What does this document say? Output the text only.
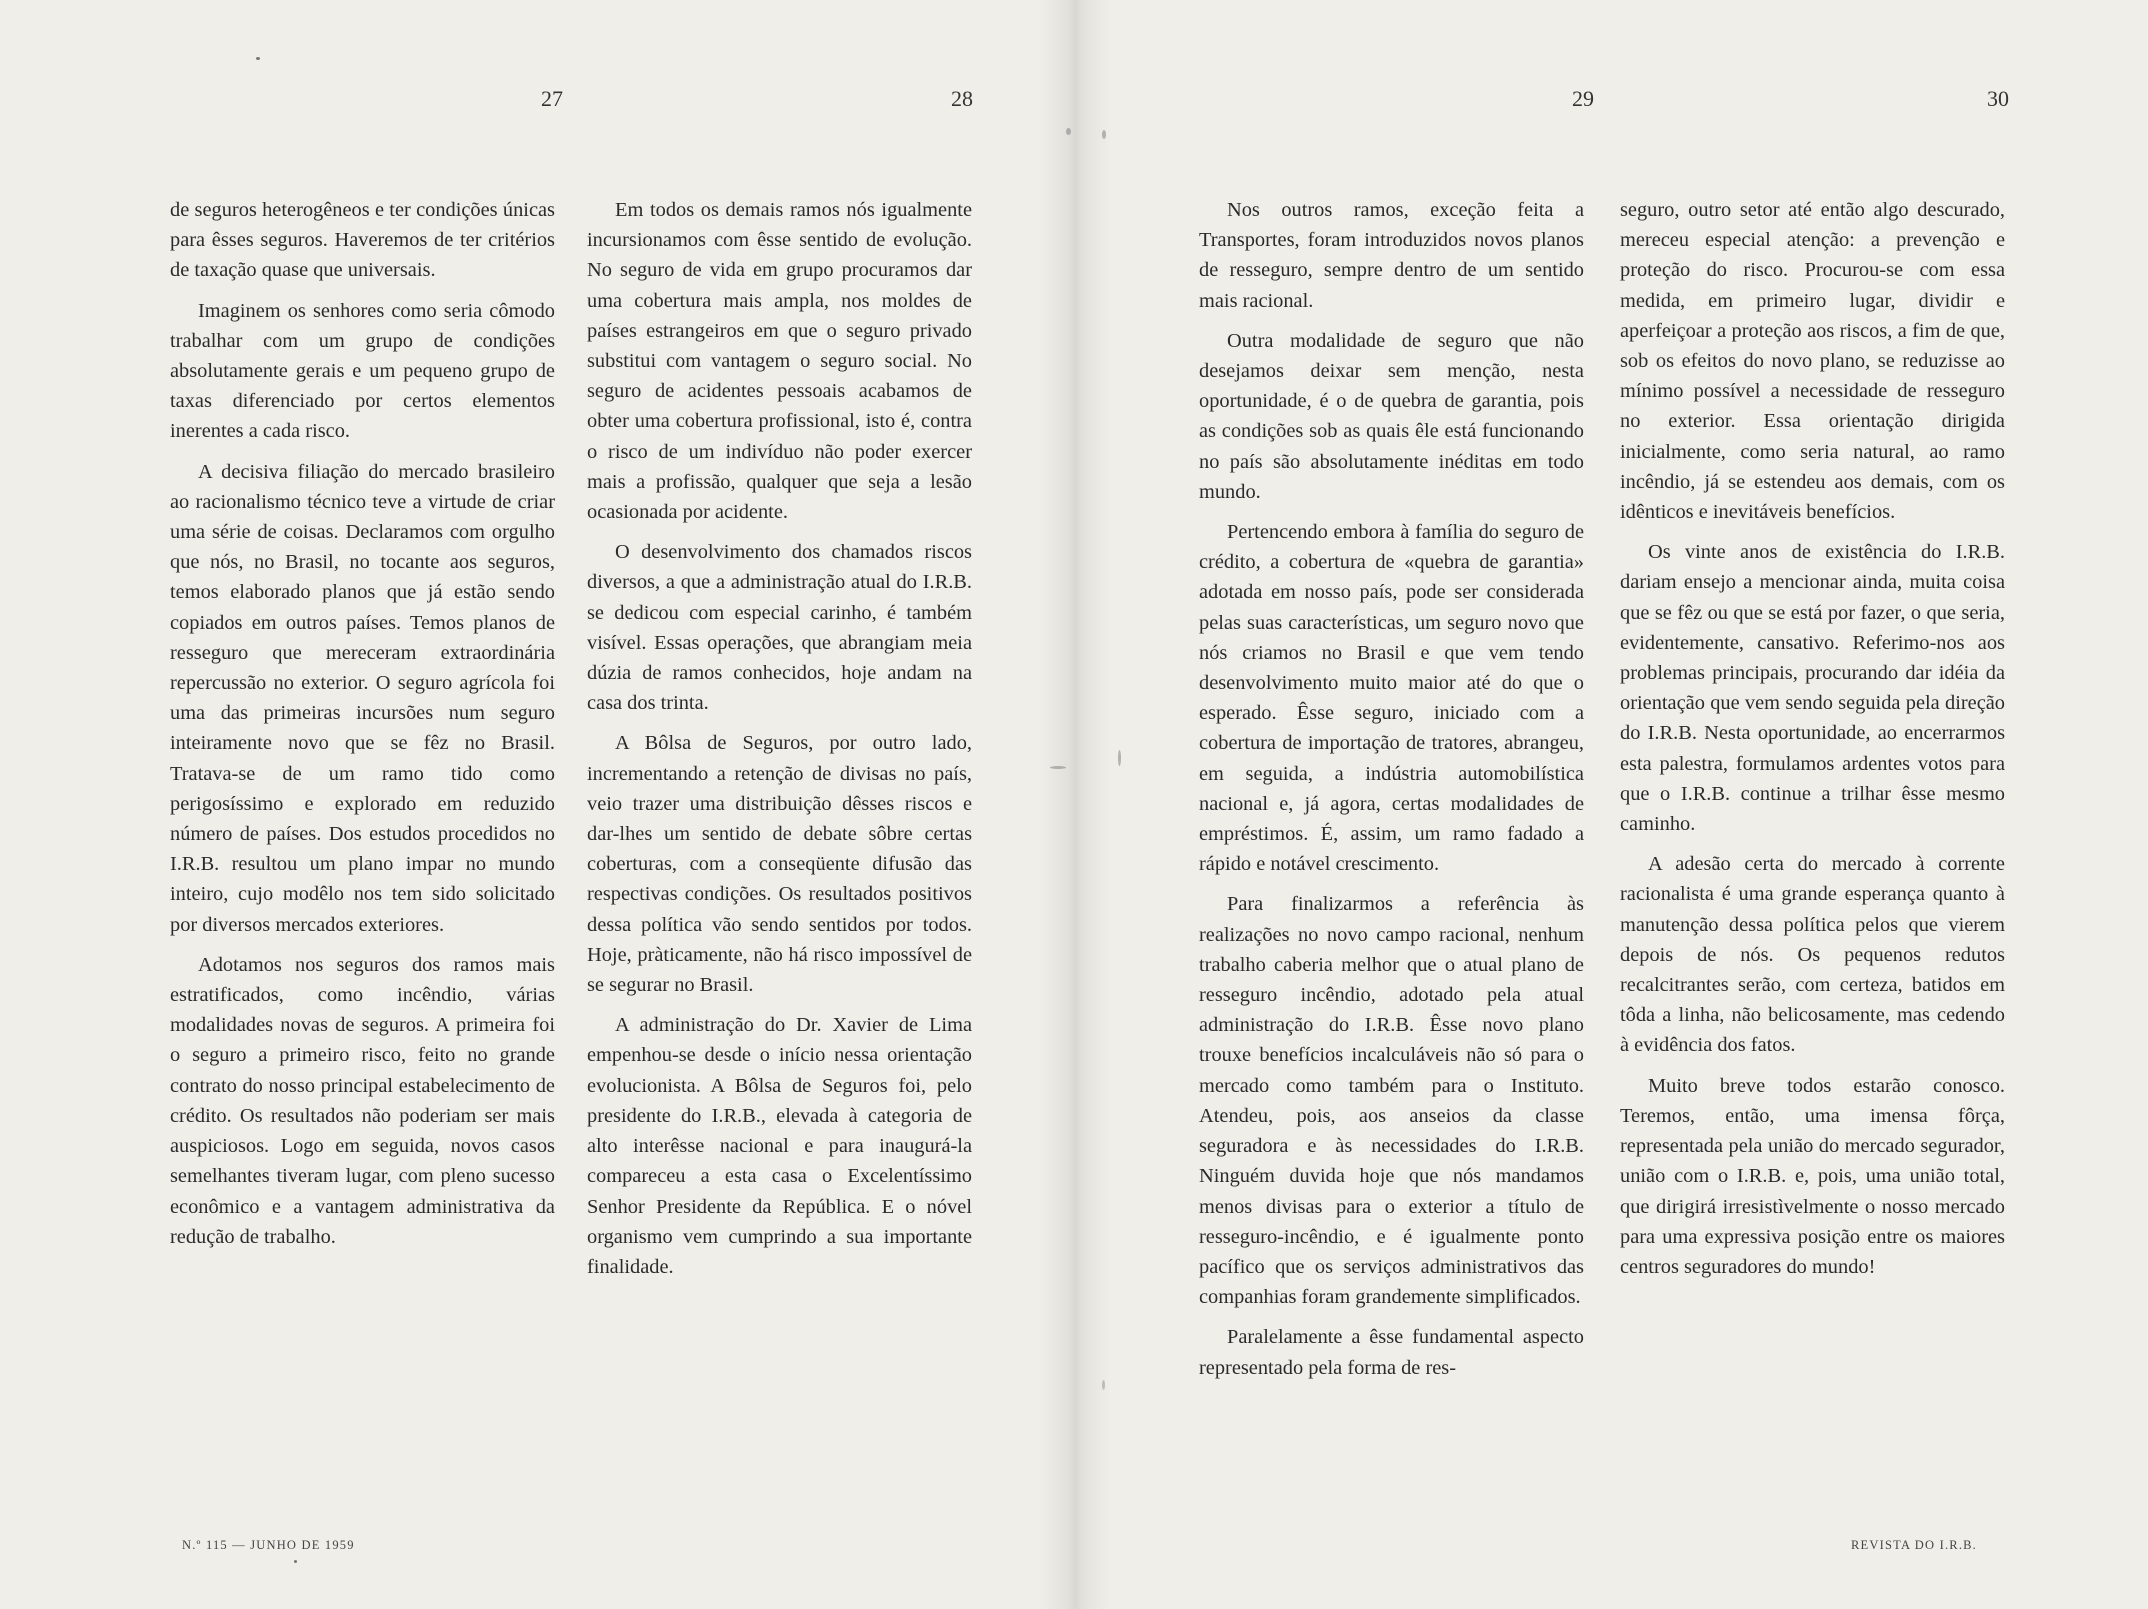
27	28	29	30

de seguros heterogêneos e ter condições únicas para êsses seguros. Haveremos de ter critérios de taxação quase que universais.

Imaginem os senhores como seria cômodo trabalhar com um grupo de condições absolutamente gerais e um pequeno grupo de taxas diferenciado por certos elementos inerentes a cada risco.

A decisiva filiação do mercado brasileiro ao racionalismo técnico teve a virtude de criar uma série de coisas. Declaramos com orgulho que nós, no Brasil, no tocante aos seguros, temos elaborado planos que já estão sendo copiados em outros países. Temos planos de resseguro que mereceram extraordinária repercussão no exterior. O seguro agrícola foi uma das primeiras incursões num seguro inteiramente novo que se fêz no Brasil. Tratava-se de um ramo tido como perigosíssimo e explorado em reduzido número de países. Dos estudos procedidos no I.R.B. resultou um plano impar no mundo inteiro, cujo modêlo nos tem sido solicitado por diversos mercados exteriores.

Adotamos nos seguros dos ramos mais estratificados, como incêndio, várias modalidades novas de seguros. A primeira foi o seguro a primeiro risco, feito no grande contrato do nosso principal estabelecimento de crédito. Os resultados não poderiam ser mais auspiciosos. Logo em seguida, novos casos semelhantes tiveram lugar, com pleno sucesso econômico e a vantagem administrativa da redução de trabalho.

Em todos os demais ramos nós igualmente incursionamos com êsse sentido de evolução. No seguro de vida em grupo procuramos dar uma cobertura mais ampla, nos moldes de países estrangeiros em que o seguro privado substitui com vantagem o seguro social. No seguro de acidentes pessoais acabamos de obter uma cobertura profissional, isto é, contra o risco de um indivíduo não poder exercer mais a profissão, qualquer que seja a lesão ocasionada por acidente.

O desenvolvimento dos chamados riscos diversos, a que a administração atual do I.R.B. se dedicou com especial carinho, é também visível. Essas operações, que abrangiam meia dúzia de ramos conhecidos, hoje andam na casa dos trinta.

A Bôlsa de Seguros, por outro lado, incrementando a retenção de divisas no país, veio trazer uma distribuição dêsses riscos e dar-lhes um sentido de debate sôbre certas coberturas, com a conseqüente difusão das respectivas condições. Os resultados positivos dessa política vão sendo sentidos por todos. Hoje, pràticamente, não há risco impossível de se segurar no Brasil.

A administração do Dr. Xavier de Lima empenhou-se desde o início nessa orientação evolucionista. A Bôlsa de Seguros foi, pelo presidente do I.R.B., elevada à categoria de alto interêsse nacional e para inaugurá-la compareceu a esta casa o Excelentíssimo Senhor Presidente da República. E o nóvel organismo vem cumprindo a sua importante finalidade.

Nos outros ramos, exceção feita a Transportes, foram introduzidos novos planos de resseguro, sempre dentro de um sentido mais racional.

Outra modalidade de seguro que não desejamos deixar sem menção, nesta oportunidade, é o de quebra de garantia, pois as condições sob as quais êle está funcionando no país são absolutamente inéditas em todo mundo.

Pertencendo embora à família do seguro de crédito, a cobertura de «quebra de garantia» adotada em nosso país, pode ser considerada pelas suas características, um seguro novo que nós criamos no Brasil e que vem tendo desenvolvimento muito maior até do que o esperado. Êsse seguro, iniciado com a cobertura de importação de tratores, abrangeu, em seguida, a indústria automobilística nacional e, já agora, certas modalidades de empréstimos. É, assim, um ramo fadado a rápido e notável crescimento.

Para finalizarmos a referência às realizações no novo campo racional, nenhum trabalho caberia melhor que o atual plano de resseguro incêndio, adotado pela atual administração do I.R.B. Êsse novo plano trouxe benefícios incalculáveis não só para o mercado como também para o Instituto. Atendeu, pois, aos anseios da classe seguradora e às necessidades do I.R.B. Ninguém duvida hoje que nós mandamos menos divisas para o exterior a título de resseguro-incêndio, e é igualmente ponto pacífico que os serviços administrativos das companhias foram grandemente simplificados.

Paralelamente a êsse fundamental aspecto representado pela forma de res-

seguro, outro setor até então algo descurado, mereceu especial atenção: a prevenção e proteção do risco. Procurou-se com essa medida, em primeiro lugar, dividir e aperfeiçoar a proteção aos riscos, a fim de que, sob os efeitos do novo plano, se reduzisse ao mínimo possível a necessidade de resseguro no exterior. Essa orientação dirigida inicialmente, como seria natural, ao ramo incêndio, já se estendeu aos demais, com os idênticos e inevitáveis benefícios.

Os vinte anos de existência do I.R.B. dariam ensejo a mencionar ainda, muita coisa que se fêz ou que se está por fazer, o que seria, evidentemente, cansativo. Referimo-nos aos problemas principais, procurando dar idéia da orientação que vem sendo seguida pela direção do I.R.B. Nesta oportunidade, ao encerrarmos esta palestra, formulamos ardentes votos para que o I.R.B. continue a trilhar êsse mesmo caminho.

A adesão certa do mercado à corrente racionalista é uma grande esperança quanto à manutenção dessa política pelos que vierem depois de nós. Os pequenos redutos recalcitrantes serão, com certeza, batidos em tôda a linha, não belicosamente, mas cedendo à evidência dos fatos.

Muito breve todos estarão conosco. Teremos, então, uma imensa fôrça, representada pela união do mercado segurador, união com o I.R.B. e, pois, uma união total, que dirigirá irresistìvelmente o nosso mercado para uma expressiva posição entre os maiores centros seguradores do mundo!

N.º 115 — JUNHO DE 1959	REVISTA DO I.R.B.
